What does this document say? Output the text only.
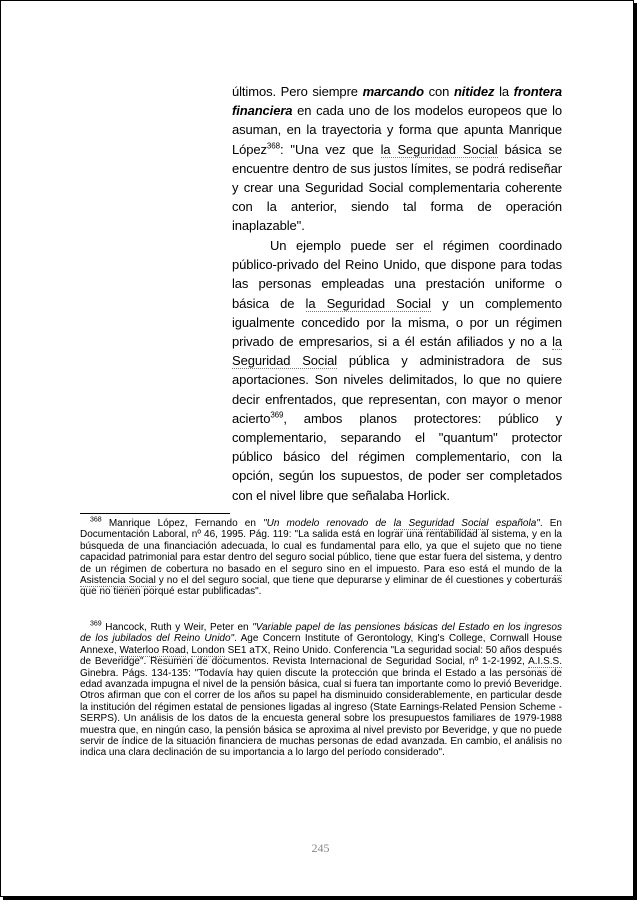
últimos. Pero siempre marcando con nitidez la frontera financiera en cada uno de los modelos europeos que lo asuman, en la trayectoria y forma que apunta Manrique López$^{368}$: "Una vez que la Seguridad Social básica se encuentre dentro de sus justos límites, se podrá rediseñar y crear una Seguridad Social complementaria coherente con la anterior, siendo tal forma de operación inaplazable".
Un ejemplo puede ser el régimen coordinado público-privado del Reino Unido, que dispone para todas las personas empleadas una prestación uniforme o básica de la Seguridad Social y un complemento igualmente concedido por la misma, o por un régimen privado de empresarios, si a él están afiliados y no a la Seguridad Social pública y administradora de sus aportaciones. Son niveles delimitados, lo que no quiere decir enfrentados, que representan, con mayor o menor acierto$^{369}$, ambos planos protectores: público y complementario, separando el "quantum" protector público básico del régimen complementario, con la opción, según los supuestos, de poder ser completados con el nivel libre que señalaba Horlick.
$^{368}$ Manrique López, Fernando en "Un modelo renovado de la Seguridad Social española". En Documentación Laboral, nº 46, 1995. Pág. 119: "La salida está en lograr una rentabilidad al sistema, y en la búsqueda de una financiación adecuada, lo cual es fundamental para ello, ya que el sujeto que no tiene capacidad patrimonial para estar dentro del seguro social público, tiene que estar fuera del sistema, y dentro de un régimen de cobertura no basado en el seguro sino en el impuesto. Para eso está el mundo de la Asistencia Social y no el del seguro social, que tiene que depurarse y eliminar de él cuestiones y coberturas que no tienen porqué estar publificadas".
$^{369}$ Hancock, Ruth y Weir, Peter en "Variable papel de las pensiones básicas del Estado en los ingresos de los jubilados del Reino Unido". Age Concern Institute of Gerontology, King's College, Cornwall House Annexe, Waterloo Road, London SE1 aTX, Reino Unido. Conferencia "La seguridad social: 50 años después de Beveridge". Resumen de documentos. Revista Internacional de Seguridad Social, nº 1-2-1992, A.I.S.S. Ginebra. Págs. 134-135: "Todavía hay quien discute la protección que brinda el Estado a las personas de edad avanzada impugna el nivel de la pensión básica, cual si fuera tan importante como lo previó Beveridge. Otros afirman que con el correr de los años su papel ha disminuido considerablemente, en particular desde la institución del régimen estatal de pensiones ligadas al ingreso (State Earnings-Related Pension Scheme - SERPS). Un análisis de los datos de la encuesta general sobre los presupuestos familiares de 1979-1988 muestra que, en ningún caso, la pensión básica se aproxima al nivel previsto por Beveridge, y que no puede servir de índice de la situación financiera de muchas personas de edad avanzada. En cambio, el análisis no indica una clara declinación de su importancia a lo largo del período considerado".
245
